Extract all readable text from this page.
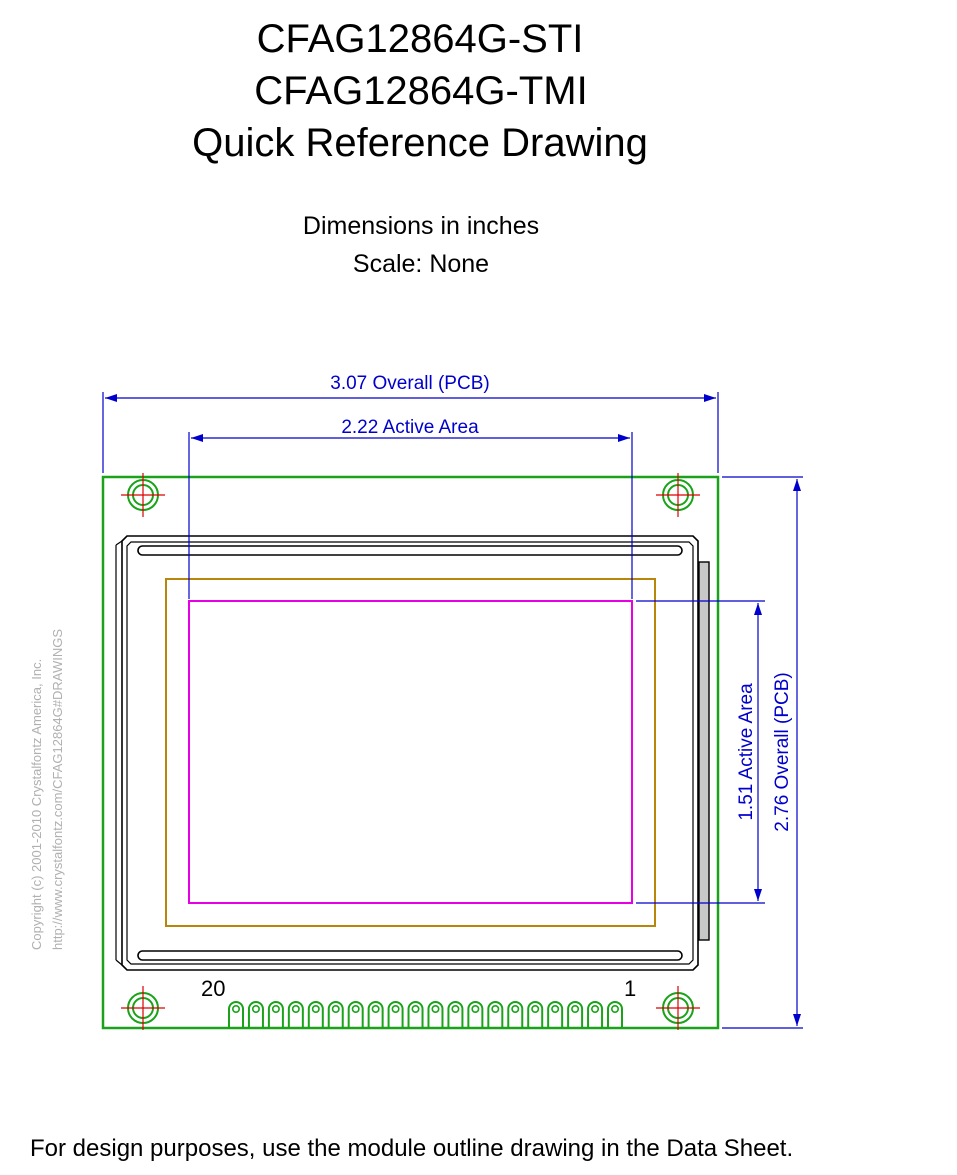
CFAG12864G-STI
CFAG12864G-TMI
Quick Reference Drawing
Dimensions in inches
Scale: None
Copyright (c) 2001-2010 Crystalfontz America, Inc. http://www.crystalfontz.com/CFAG12864G#DRAWINGS
20	1
3.07 Overall (PCB)
2.22 Active Area
1.51 Active Area 2.76 Overall (PCB)
For design purposes, use the module outline drawing in the Data Sheet.
